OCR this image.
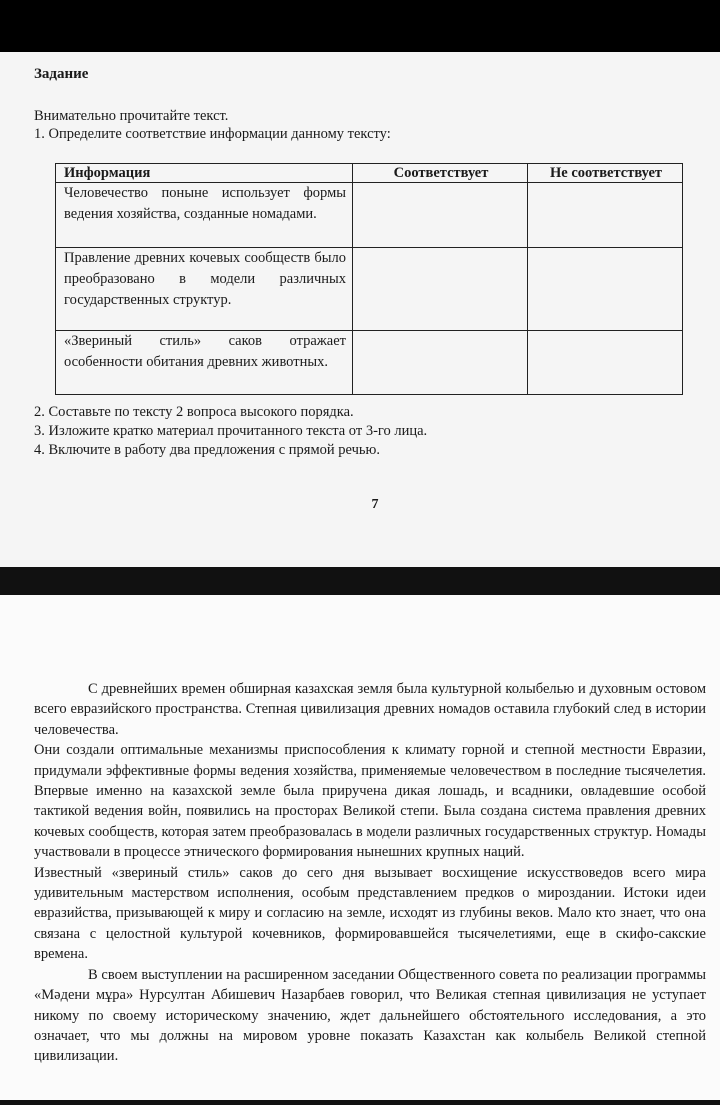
Задание

Внимательно прочитайте текст.

1. Определите соответствие информации данному тексту:

Информация	Соответствует	Не соответствует
Человечество поныне использует формы ведения хозяйства, созданные номадами.		
Правление древних кочевых сообществ было преобразовано в модели различных государственных структур.		
«Звериный стиль» саков отражает особенности обитания древних животных.		
2. Составьте по тексту 2 вопроса высокого порядка.
3. Изложите кратко материал прочитанного текста от 3-го лица.
4. Включите в работу два предложения с прямой речью.
7

С древнейших времен обширная казахская земля была культурной колыбелью и духовным остовом всего евразийского пространства. Степная цивилизация древних номадов оставила глубокий след в истории человечества.

Они создали оптимальные механизмы приспособления к климату горной и степной местности Евразии, придумали эффективные формы ведения хозяйства, применяемые человечеством в последние тысячелетия. Впервые именно на казахской земле была приручена дикая лошадь, и всадники, овладевшие особой тактикой ведения войн, появились на просторах Великой степи. Была создана система правления древних кочевых сообществ, которая затем преобразовалась в модели различных государственных структур. Номады участвовали в процессе этнического формирования нынешних крупных наций.

Известный «звериный стиль» саков до сего дня вызывает восхищение искусствоведов всего мира удивительным мастерством исполнения, особым представлением предков о мироздании. Истоки идеи евразийства, призывающей к миру и согласию на земле, исходят из глубины веков. Мало кто знает, что она связана с целостной культурой кочевников, формировавшейся тысячелетиями, еще в скифо-сакские времена.

В своем выступлении на расширенном заседании Общественного совета по реализации программы «Мәдени мұра» Нурсултан Абишевич Назарбаев говорил, что Великая степная цивилизация не уступает никому по своему историческому значению, ждет дальнейшего обстоятельного исследования, а это означает, что мы должны на мировом уровне показать Казахстан как колыбель Великой степной цивилизации.
